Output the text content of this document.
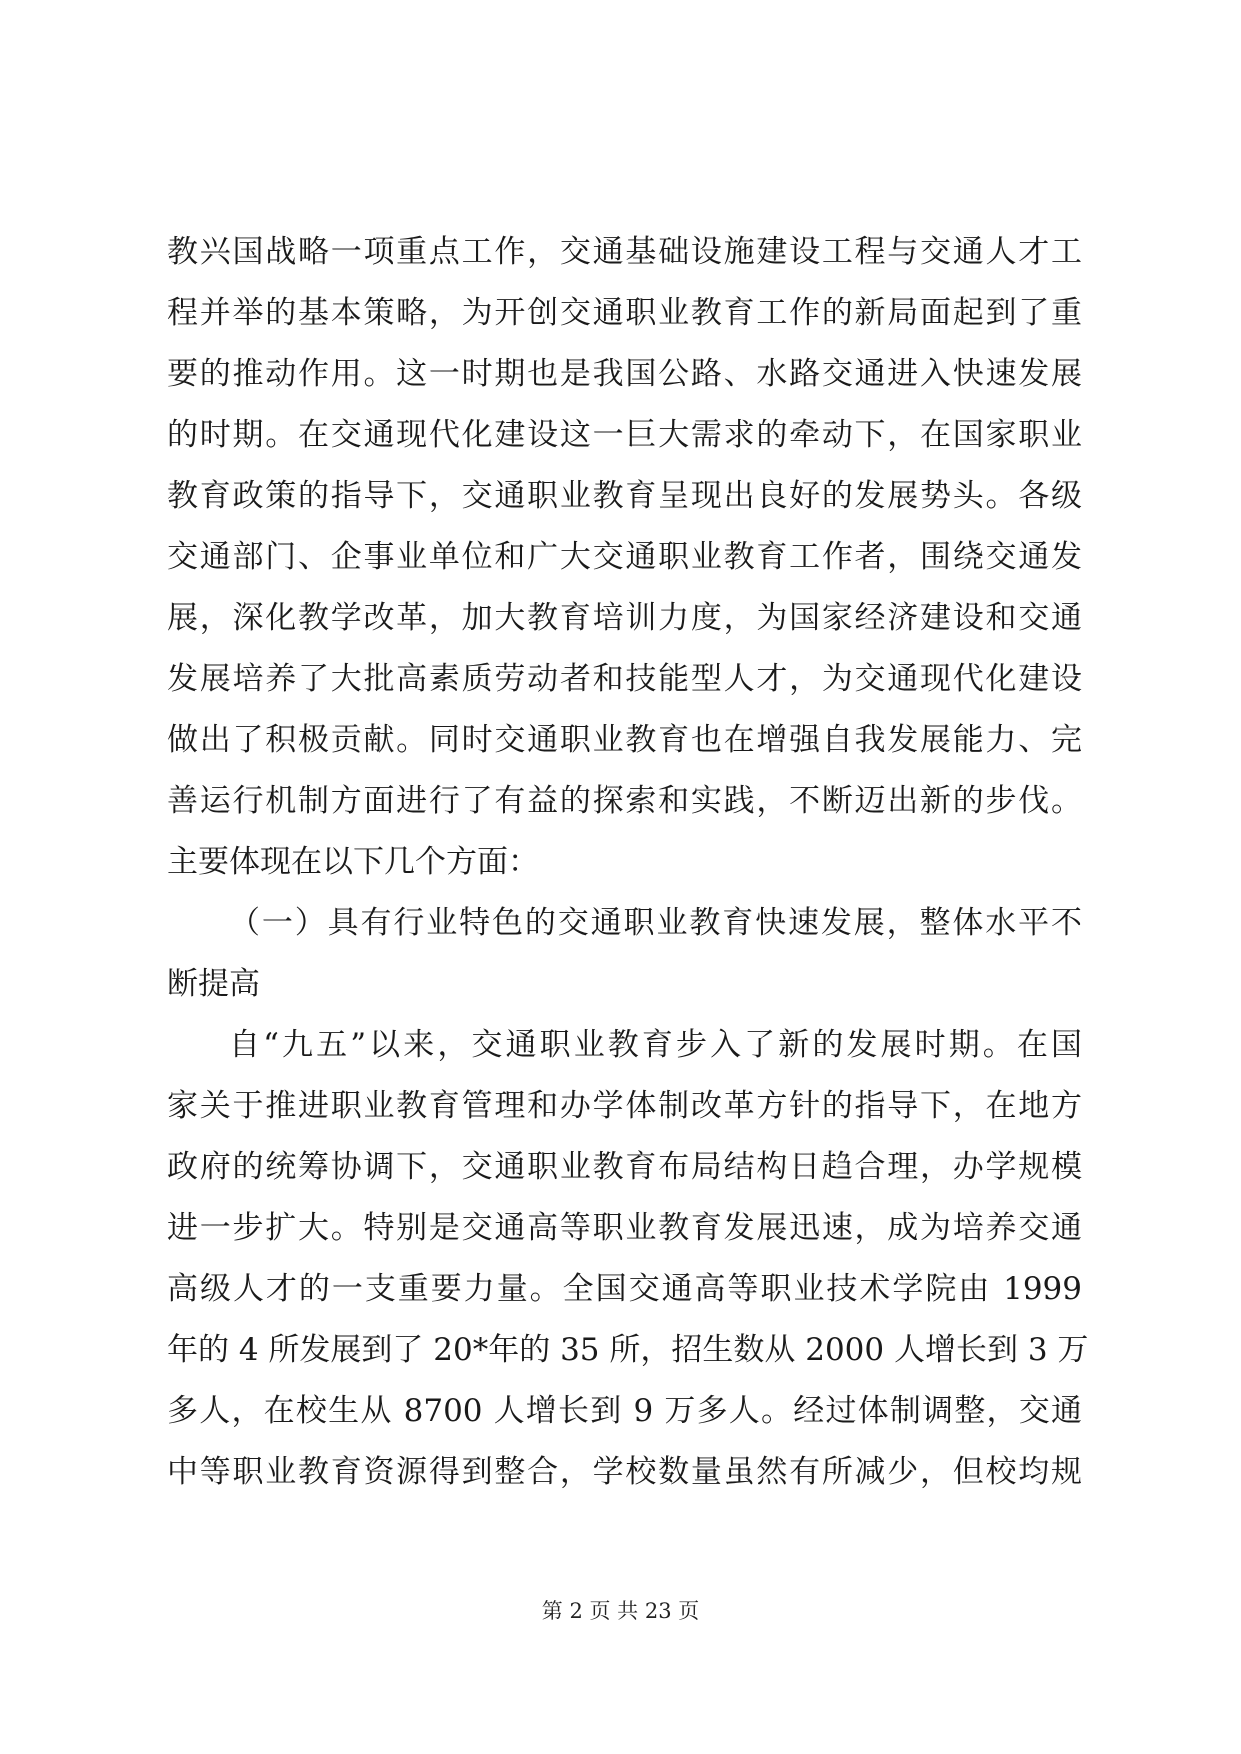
教兴国战略一项重点工作，交通基础设施建设工程与交通人才工
程并举的基本策略，为开创交通职业教育工作的新局面起到了重
要的推动作用。这一时期也是我国公路、水路交通进入快速发展
的时期。在交通现代化建设这一巨大需求的牵动下，在国家职业
教育政策的指导下，交通职业教育呈现出良好的发展势头。各级
交通部门、企事业单位和广大交通职业教育工作者，围绕交通发
展，深化教学改革，加大教育培训力度，为国家经济建设和交通
发展培养了大批高素质劳动者和技能型人才，为交通现代化建设
做出了积极贡献。同时交通职业教育也在增强自我发展能力、完
善运行机制方面进行了有益的探索和实践，不断迈出新的步伐。
主要体现在以下几个方面：
（一）具有行业特色的交通职业教育快速发展，整体水平不
断提高
自“九五”以来，交通职业教育步入了新的发展时期。在国
家关于推进职业教育管理和办学体制改革方针的指导下，在地方
政府的统筹协调下，交通职业教育布局结构日趋合理，办学规模
进一步扩大。特别是交通高等职业教育发展迅速，成为培养交通
高级人才的一支重要力量。全国交通高等职业技术学院由 1999
年的 4 所发展到了 20*年的 35 所，招生数从 2000 人增长到 3 万
多人，在校生从 8700 人增长到 9 万多人。经过体制调整，交通
中等职业教育资源得到整合，学校数量虽然有所减少，但校均规
第 2 页 共 23 页
